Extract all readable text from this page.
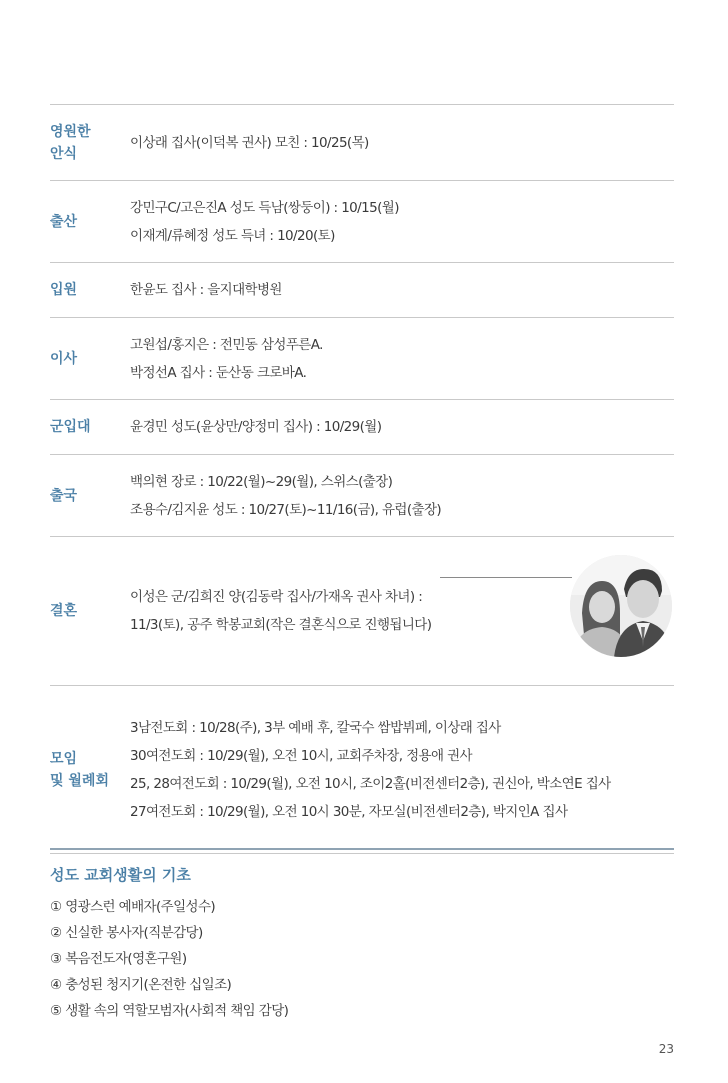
영원한
안식
이상래 집사(이덕복 권사) 모친 : 10/25(목)
출산
강민구C/고은진A 성도 득남(쌍둥이) : 10/15(월)
이재계/류혜정 성도 득녀 : 10/20(토)
입원	한윤도 집사 : 을지대학병원
이사
고원섭/홍지은 : 전민동 삼성푸른A.
박정선A 집사 : 둔산동 크로바A.
군입대	윤경민 성도(윤상만/양정미 집사) : 10/29(월)
출국
백의현 장로 : 10/22(월)~29(월), 스위스(출장)
조용수/김지윤 성도 : 10/27(토)~11/16(금), 유럽(출장)
결혼
이성은 군/김희진 양(김동락 집사/가재옥 권사 차녀) :
11/3(토), 공주 학봉교회(작은 결혼식으로 진행됩니다)
모임
및 월례회
3남전도회 : 10/28(주), 3부 예배 후, 칼국수 쌈밥뷔페, 이상래 집사
30여전도회 : 10/29(월), 오전 10시, 교회주차장, 정용애 권사
25, 28여전도회 : 10/29(월), 오전 10시, 조이2홀(비전센터2층), 권신아, 박소연E 집사
27여전도회 : 10/29(월), 오전 10시 30분, 자모실(비전센터2층), 박지인A 집사
성도 교회생활의 기초
① 영광스런 예배자(주일성수)
② 신실한 봉사자(직분감당)
③ 복음전도자(영혼구원)
④ 충성된 청지기(온전한 십일조)
⑤ 생활 속의 역할모범자(사회적 책임 감당)
23
